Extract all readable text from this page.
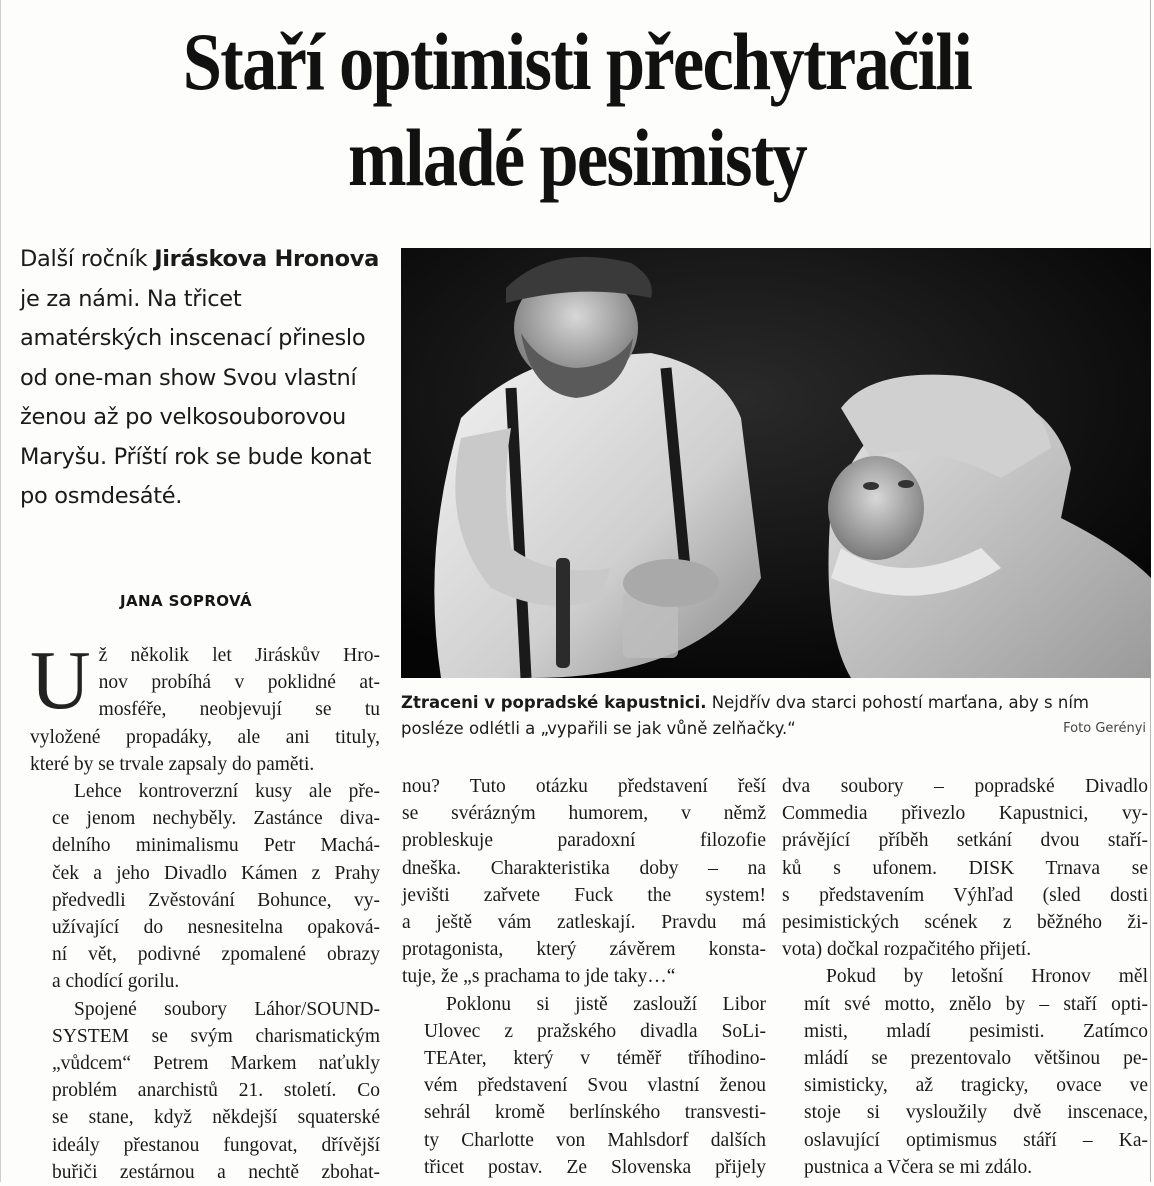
Staří optimisti přechytračili
mladé pesimisty
Další ročník Jiráskova Hronova je za námi. Na třicet amatérských inscenací přineslo od one-man show Svou vlastní ženou až po velkosouborovou Maryšu. Příští rok se bude konat po osmdesáté.
JANA SOPROVÁ
Ztraceni v popradské kapustnici. Nejdřív dva starci pohostí marťana, aby s ním posléze odlétli a „vypařili se jak vůně zelňačky.“	Foto Gerényi

U ž několik let Jiráskův Hro-
nov probíhá v poklidné at-
mosféře, neobjevují se tu
vyložené propadáky, ale ani tituly,
které by se trvale zapsaly do paměti.

Lehce kontroverzní kusy ale pře-
ce jenom nechyběly. Zastánce diva-
delního minimalismu Petr Machá-
ček a jeho Divadlo Kámen z Prahy
předvedli Zvěstování Bohunce, vy-
užívající do nesnesitelna opaková-
ní vět, podivné zpomalené obrazy
a chodící gorilu.

Spojené soubory Láhor/SOUND-
SYSTEM se svým charismatickým
„vůdcem“ Petrem Markem naťukly
problém anarchistů 21. století. Co
se stane, když někdejší squaterské
ideály přestanou fungovat, dřívější
buřiči zestárnou a nechtě zbohat-

nou? Tuto otázku představení řeší
se svérázným humorem, v němž
probleskuje paradoxní filozofie
dneška. Charakteristika doby – na
jevišti zařvete Fuck the system!
a ještě vám zatleskají. Pravdu má
protagonista, který závěrem konsta-
tuje, že „s prachama to jde taky…“

Poklonu si jistě zaslouží Libor
Ulovec z pražského divadla SoLi-
TEAter, který v téměř tříhodino-
vém představení Svou vlastní ženou
sehrál kromě berlínského transvesti-
ty Charlotte von Mahlsdorf dalších
třicet postav. Ze Slovenska přijely

dva soubory – popradské Divadlo
Commedia přivezlo Kapustnici, vy-
právějící příběh setkání dvou staří-
ků s ufonem. DISK Trnava se
s představením Výhľad (sled dosti
pesimistických scének z běžného ži-
vota) dočkal rozpačitého přijetí.

Pokud by letošní Hronov měl
mít své motto, znělo by – staří opti-
misti, mladí pesimisti. Zatímco
mládí se prezentovalo většinou pe-
simisticky, až tragicky, ovace ve
stoje si vysloužily dvě inscenace,
oslavující optimismus stáří – Ka-
pustnica a Včera se mi zdálo.
